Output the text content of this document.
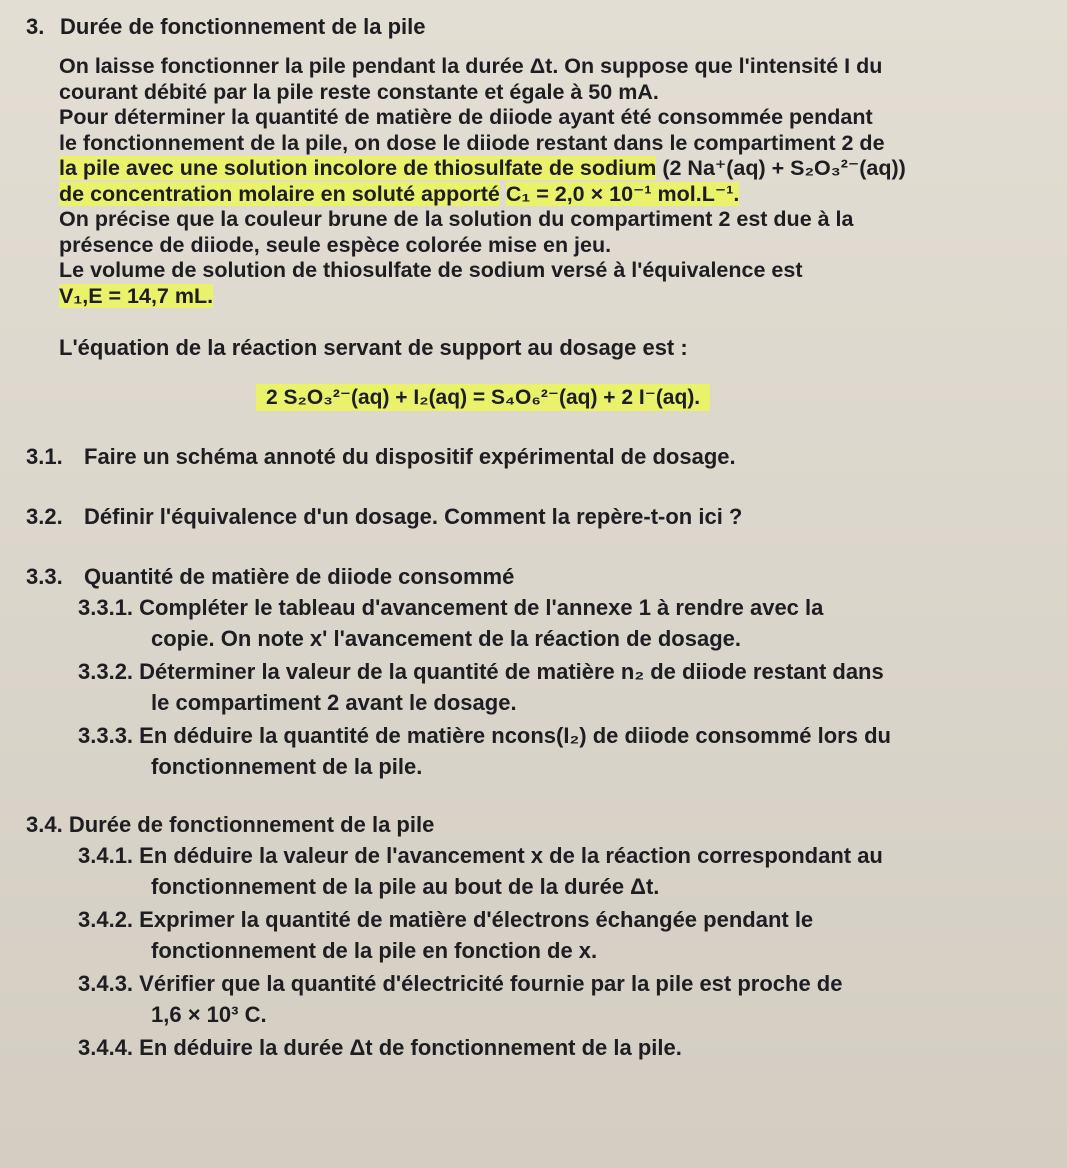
3. Durée de fonctionnement de la pile
On laisse fonctionner la pile pendant la durée Δt. On suppose que l'intensité I du
courant débité par la pile reste constante et égale à 50 mA.
Pour déterminer la quantité de matière de diiode ayant été consommée pendant
le fonctionnement de la pile, on dose le diiode restant dans le compartiment 2 de
la pile avec une solution incolore de thiosulfate de sodium (2 Na⁺(aq) + S₂O₃²⁻(aq))
de concentration molaire en soluté apporté C₁ = 2,0 × 10⁻¹ mol.L⁻¹.
On précise que la couleur brune de la solution du compartiment 2 est due à la
présence de diiode, seule espèce colorée mise en jeu.
Le volume de solution de thiosulfate de sodium versé à l'équivalence est
V₁,E = 14,7 mL.
L'équation de la réaction servant de support au dosage est :
2 S₂O₃²⁻(aq) + I₂(aq) = S₄O₆²⁻(aq) + 2 I⁻(aq).
3.1. Faire un schéma annoté du dispositif expérimental de dosage.
3.2. Définir l'équivalence d'un dosage. Comment la repère-t-on ici ?
3.3. Quantité de matière de diiode consommé
3.3.1. Compléter le tableau d'avancement de l'annexe 1 à rendre avec la
copie. On note x' l'avancement de la réaction de dosage.
3.3.2. Déterminer la valeur de la quantité de matière n₂ de diiode restant dans
le compartiment 2 avant le dosage.
3.3.3. En déduire la quantité de matière ncons(I₂) de diiode consommé lors du
fonctionnement de la pile.
3.4. Durée de fonctionnement de la pile
3.4.1. En déduire la valeur de l'avancement x de la réaction correspondant au
fonctionnement de la pile au bout de la durée Δt.
3.4.2. Exprimer la quantité de matière d'électrons échangée pendant le
fonctionnement de la pile en fonction de x.
3.4.3. Vérifier que la quantité d'électricité fournie par la pile est proche de
1,6 × 10³ C.
3.4.4. En déduire la durée Δt de fonctionnement de la pile.
